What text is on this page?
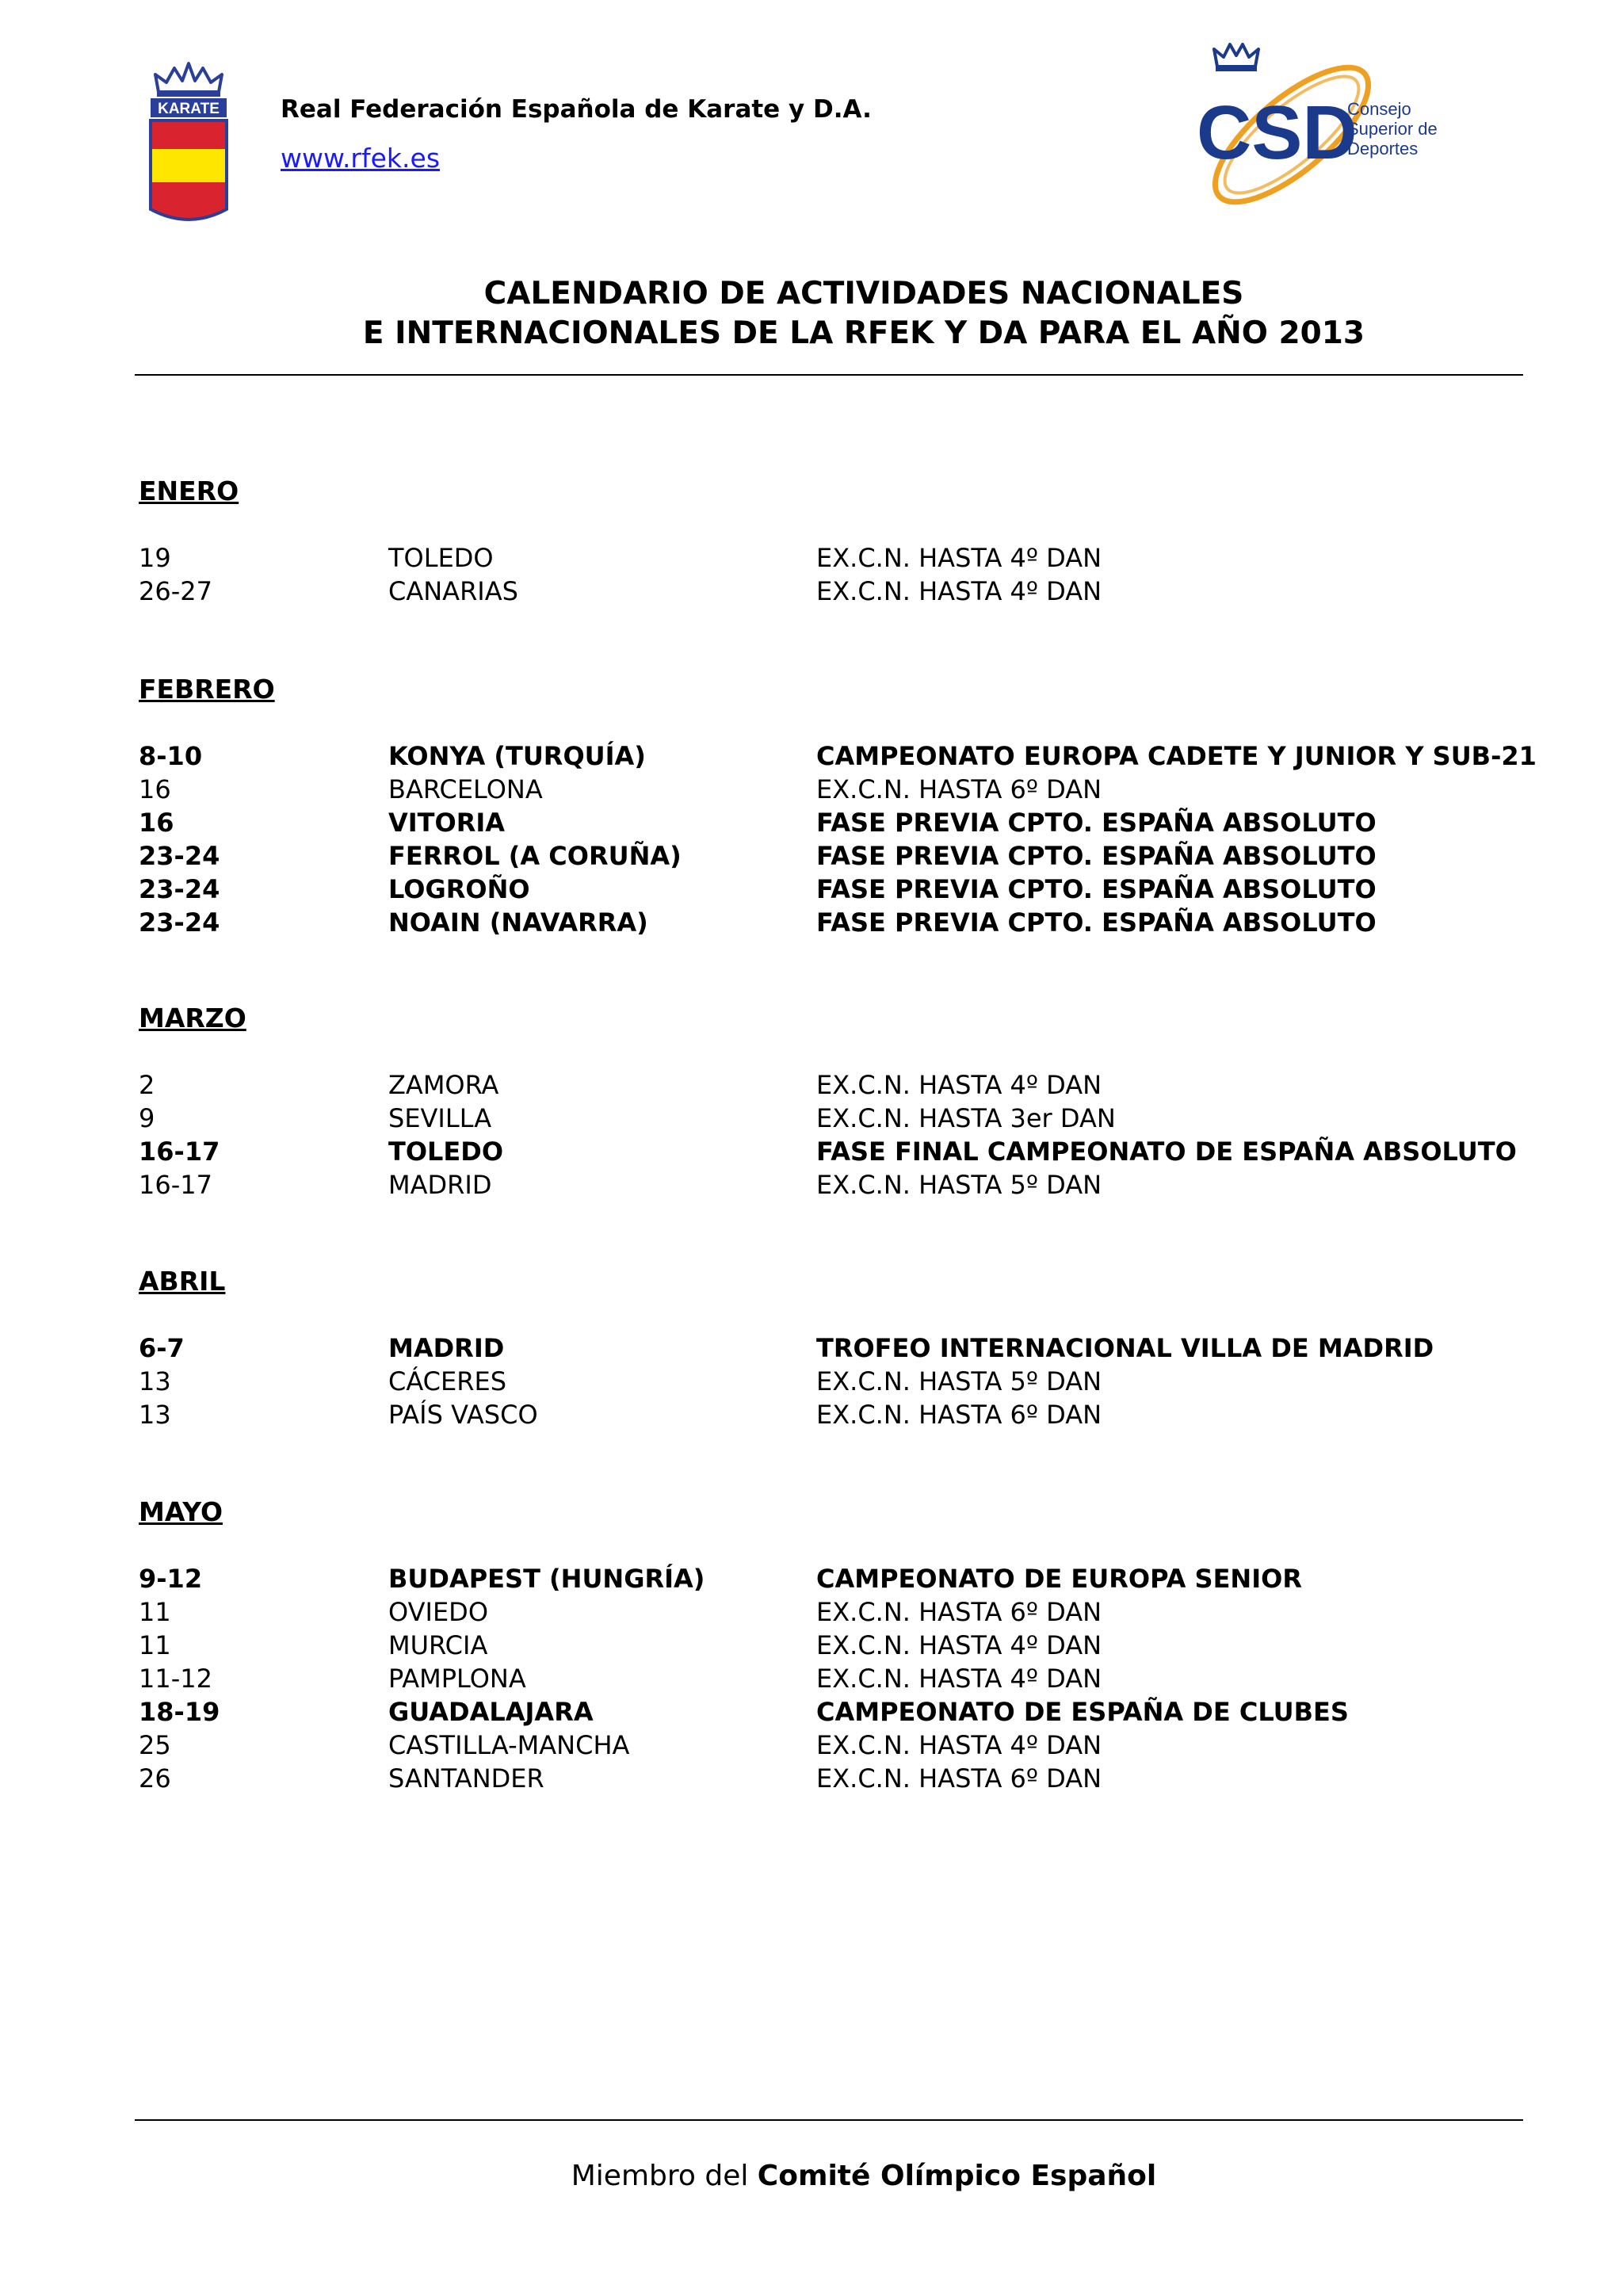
KARATE Real Federación Española de Karate y D.A.
www.rfek.es	CSD
Consejo
Superior de
Deportes
CALENDARIO DE ACTIVIDADES NACIONALES
E INTERNACIONALES DE LA RFEK Y DA PARA EL AÑO 2013
ENERO
19	TOLEDO	EX.C.N. HASTA 4º DAN
26-27	CANARIAS	EX.C.N. HASTA 4º DAN
FEBRERO
8-10	KONYA (TURQUÍA)	CAMPEONATO EUROPA CADETE Y JUNIOR Y SUB-21
16	BARCELONA	EX.C.N. HASTA 6º DAN
16	VITORIA	FASE PREVIA CPTO. ESPAÑA ABSOLUTO
23-24	FERROL (A CORUÑA)	FASE PREVIA CPTO. ESPAÑA ABSOLUTO
23-24	LOGROÑO	FASE PREVIA CPTO. ESPAÑA ABSOLUTO
23-24	NOAIN (NAVARRA)	FASE PREVIA CPTO. ESPAÑA ABSOLUTO
MARZO
2	ZAMORA	EX.C.N. HASTA 4º DAN
9	SEVILLA	EX.C.N. HASTA 3er DAN
16-17	TOLEDO	FASE FINAL CAMPEONATO DE ESPAÑA ABSOLUTO
16-17	MADRID	EX.C.N. HASTA 5º DAN
ABRIL
6-7	MADRID	TROFEO INTERNACIONAL VILLA DE MADRID
13	CÁCERES	EX.C.N. HASTA 5º DAN
13	PAÍS VASCO	EX.C.N. HASTA 6º DAN
MAYO
9-12	BUDAPEST (HUNGRÍA)	CAMPEONATO DE EUROPA SENIOR
11	OVIEDO	EX.C.N. HASTA 6º DAN
11	MURCIA	EX.C.N. HASTA 4º DAN
11-12	PAMPLONA	EX.C.N. HASTA 4º DAN
18-19	GUADALAJARA	CAMPEONATO DE ESPAÑA DE CLUBES
25	CASTILLA-MANCHA	EX.C.N. HASTA 4º DAN
26	SANTANDER	EX.C.N. HASTA 6º DAN
Miembro del Comité Olímpico Español
